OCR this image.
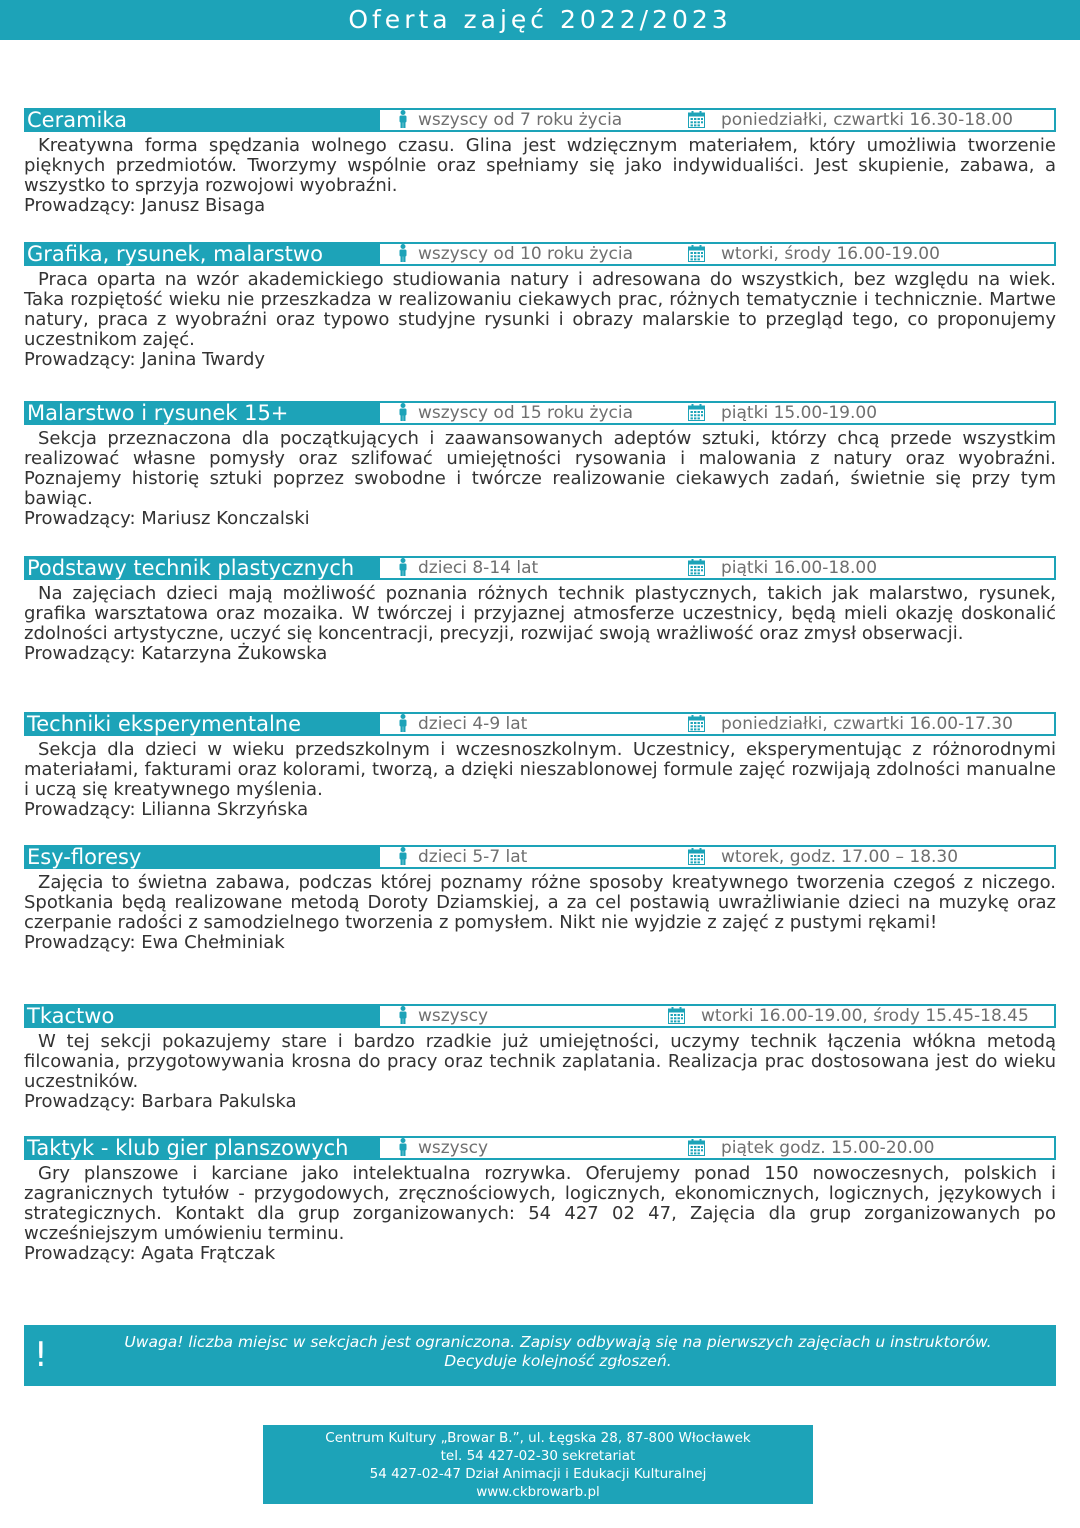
Oferta zajęć 2022/2023
Ceramika	wszyscy od 7 roku życia	poniedziałki, czwartki 16.30-18.00

Kreatywna forma spędzania wolnego czasu. Glina jest wdzięcznym materiałem, który umożliwia tworzenie pięknych przedmiotów. Tworzymy wspólnie oraz spełniamy się jako indywidualiści. Jest skupienie, zabawa, a wszystko to sprzyja rozwojowi wyobraźni.

Prowadzący: Janusz Bisaga

Grafika, rysunek, malarstwo	wszyscy od 10 roku życia	wtorki, środy 16.00-19.00

Praca oparta na wzór akademickiego studiowania natury i adresowana do wszystkich, bez względu na wiek. Taka rozpiętość wieku nie przeszkadza w realizowaniu ciekawych prac, różnych tematycznie i technicznie. Martwe natury, praca z wyobraźni oraz typowo studyjne rysunki i obrazy malarskie to przegląd tego, co proponujemy uczestnikom zajęć.

Prowadzący: Janina Twardy

Malarstwo i rysunek 15+	wszyscy od 15 roku życia	piątki 15.00-19.00

Sekcja przeznaczona dla początkujących i zaawansowanych adeptów sztuki, którzy chcą przede wszystkim realizować własne pomysły oraz szlifować umiejętności rysowania i malowania z natury oraz wyobraźni. Poznajemy historię sztuki poprzez swobodne i twórcze realizowanie ciekawych zadań, świetnie się przy tym bawiąc.

Prowadzący: Mariusz Konczalski

Podstawy technik plastycznych	dzieci 8-14 lat	piątki 16.00-18.00

Na zajęciach dzieci mają możliwość poznania różnych technik plastycznych, takich jak malarstwo, rysunek, grafika warsztatowa oraz mozaika. W twórczej i przyjaznej atmosferze uczestnicy, będą mieli okazję doskonalić zdolności artystyczne, uczyć się koncentracji, precyzji, rozwijać swoją wrażliwość oraz zmysł obserwacji.

Prowadzący: Katarzyna Żukowska

Techniki eksperymentalne	dzieci 4-9 lat	poniedziałki, czwartki 16.00-17.30

Sekcja dla dzieci w wieku przedszkolnym i wczesnoszkolnym. Uczestnicy, eksperymentując z różnorodnymi materiałami, fakturami oraz kolorami, tworzą, a dzięki nieszablonowej formule zajęć rozwijają zdolności manualne i uczą się kreatywnego myślenia.

Prowadzący: Lilianna Skrzyńska

Esy-floresy	dzieci 5-7 lat	wtorek, godz. 17.00 – 18.30

Zajęcia to świetna zabawa, podczas której poznamy różne sposoby kreatywnego tworzenia czegoś z niczego. Spotkania będą realizowane metodą Doroty Dziamskiej, a za cel postawią uwrażliwianie dzieci na muzykę oraz czerpanie radości z samodzielnego tworzenia z pomysłem. Nikt nie wyjdzie z zajęć z pustymi rękami!

Prowadzący: Ewa Chełminiak

Tkactwo	wszyscy	wtorki 16.00-19.00, środy 15.45-18.45

W tej sekcji pokazujemy stare i bardzo rzadkie już umiejętności, uczymy technik łączenia włókna metodą filcowania, przygotowywania krosna do pracy oraz technik zaplatania. Realizacja prac dostosowana jest do wieku uczestników.

Prowadzący: Barbara Pakulska

Taktyk - klub gier planszowych	wszyscy	piątek godz. 15.00-20.00

Gry planszowe i karciane jako intelektualna rozrywka. Oferujemy ponad 150 nowoczesnych, polskich i zagranicznych tytułów - przygodowych, zręcznościowych, logicznych, ekonomicznych, logicznych, językowych i strategicznych. Kontakt dla grup zorganizowanych: 54 427 02 47, Zajęcia dla grup zorganizowanych po wcześniejszym umówieniu terminu.

Prowadzący: Agata Frątczak

!	Uwaga! liczba miejsc w sekcjach jest ograniczona. Zapisy odbywają się na pierwszych zajęciach u instruktorów.
Decyduje kolejność zgłoszeń.
Centrum Kultury „Browar B.”, ul. Łęgska 28, 87-800 Włocławek
tel. 54 427-02-30 sekretariat
54 427-02-47 Dział Animacji i Edukacji Kulturalnej
www.ckbrowarb.pl
